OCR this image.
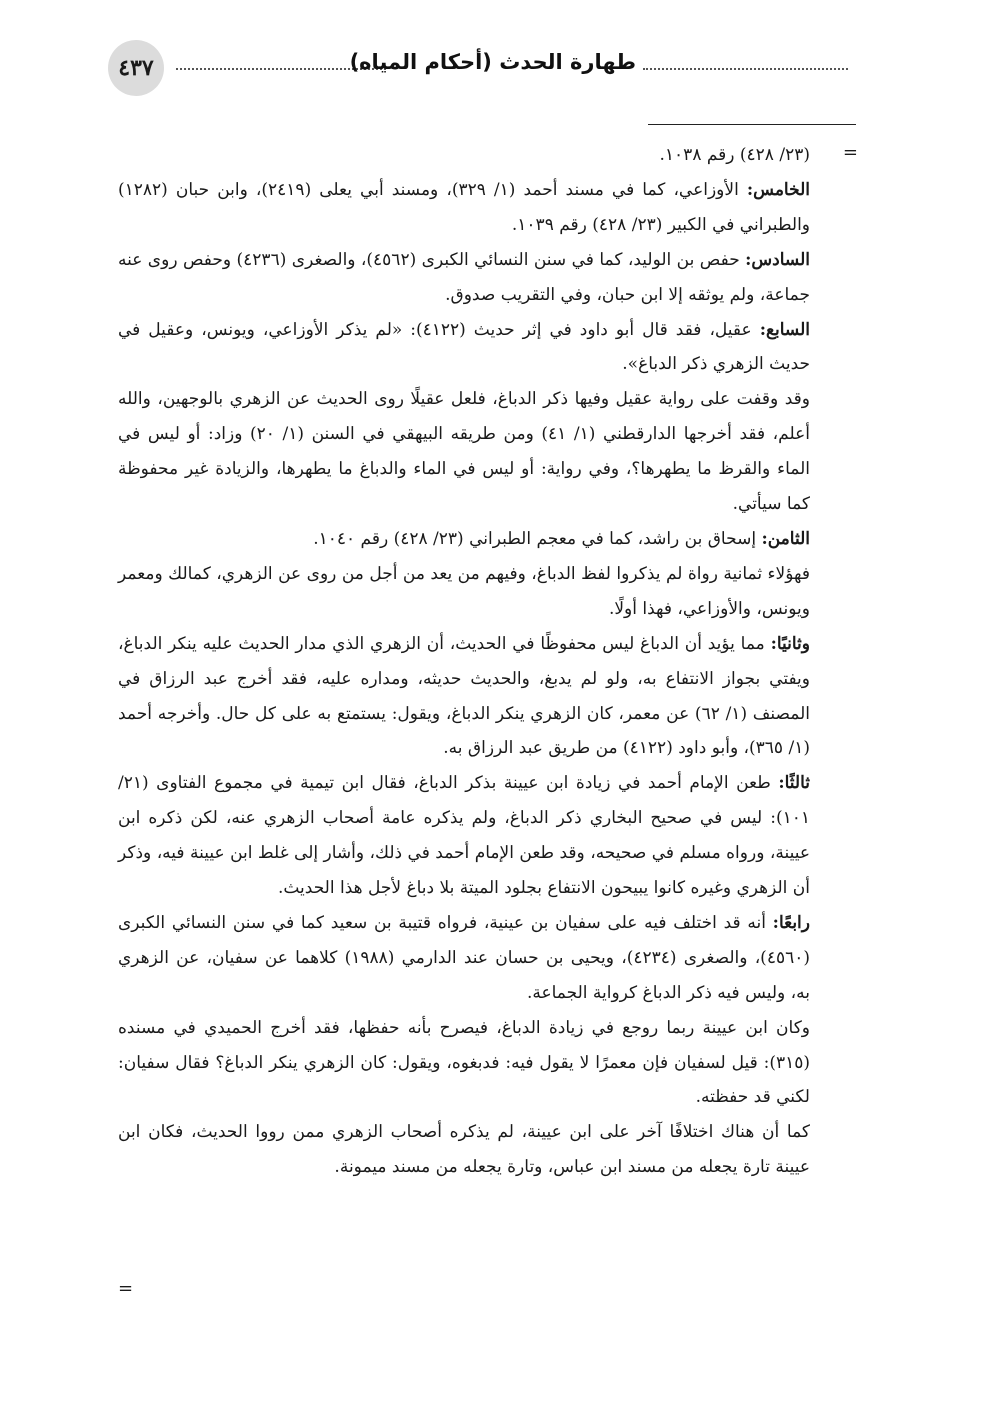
٤٣٧	طهارة الحدث (أحكام المياه)
=

(٢٣/ ٤٢٨) رقم ١٠٣٨.

الخامس: الأوزاعي، كما في مسند أحمد (١/ ٣٢٩)، ومسند أبي يعلى (٢٤١٩)، وابن حبان (١٢٨٢) والطبراني في الكبير (٢٣/ ٤٢٨) رقم ١٠٣٩.

السادس: حفص بن الوليد، كما في سنن النسائي الكبرى (٤٥٦٢)، والصغرى (٤٢٣٦) وحفص روى عنه جماعة، ولم يوثقه إلا ابن حبان، وفي التقريب صدوق.

السابع: عقيل، فقد قال أبو داود في إثر حديث (٤١٢٢): «لم يذكر الأوزاعي، ويونس، وعقيل في حديث الزهري ذكر الدباغ».

وقد وقفت على رواية عقيل وفيها ذكر الدباغ، فلعل عقيلًا روى الحديث عن الزهري بالوجهين، والله أعلم، فقد أخرجها الدارقطني (١/ ٤١) ومن طريقه البيهقي في السنن (١/ ٢٠) وزاد: أو ليس في الماء والقرظ ما يطهرها؟، وفي رواية: أو ليس في الماء والدباغ ما يطهرها، والزيادة غير محفوظة كما سيأتي.

الثامن: إسحاق بن راشد، كما في معجم الطبراني (٢٣/ ٤٢٨) رقم ١٠٤٠.

فهؤلاء ثمانية رواة لم يذكروا لفظ الدباغ، وفيهم من يعد من أجل من روى عن الزهري، كمالك ومعمر ويونس، والأوزاعي، فهذا أولًا.

وثانيًا: مما يؤيد أن الدباغ ليس محفوظًا في الحديث، أن الزهري الذي مدار الحديث عليه ينكر الدباغ، ويفتي بجواز الانتفاع به، ولو لم يدبغ، والحديث حديثه، ومداره عليه، فقد أخرج عبد الرزاق في المصنف (١/ ٦٢) عن معمر، كان الزهري ينكر الدباغ، ويقول: يستمتع به على كل حال. وأخرجه أحمد (١/ ٣٦٥)، وأبو داود (٤١٢٢) من طريق عبد الرزاق به.

ثالثًا: طعن الإمام أحمد في زيادة ابن عيينة بذكر الدباغ، فقال ابن تيمية في مجموع الفتاوى (٢١/ ١٠١): ليس في صحيح البخاري ذكر الدباغ، ولم يذكره عامة أصحاب الزهري عنه، لكن ذكره ابن عيينة، ورواه مسلم في صحيحه، وقد طعن الإمام أحمد في ذلك، وأشار إلى غلط ابن عيينة فيه، وذكر أن الزهري وغيره كانوا يبيحون الانتفاع بجلود الميتة بلا دباغ لأجل هذا الحديث.

رابعًا: أنه قد اختلف فيه على سفيان بن عينية، فرواه قتيبة بن سعيد كما في سنن النسائي الكبرى (٤٥٦٠)، والصغرى (٤٢٣٤)، ويحيى بن حسان عند الدارمي (١٩٨٨) كلاهما عن سفيان، عن الزهري به، وليس فيه ذكر الدباغ كرواية الجماعة.

وكان ابن عيينة ربما روجع في زيادة الدباغ، فيصرح بأنه حفظها، فقد أخرج الحميدي في مسنده (٣١٥): قيل لسفيان فإن معمرًا لا يقول فيه: فدبغوه، ويقول: كان الزهري ينكر الدباغ؟ فقال سفيان: لكني قد حفظته.

كما أن هناك اختلافًا آخر على ابن عيينة، لم يذكره أصحاب الزهري ممن رووا الحديث، فكان ابن عيينة تارة يجعله من مسند ابن عباس، وتارة يجعله من مسند ميمونة.

=
